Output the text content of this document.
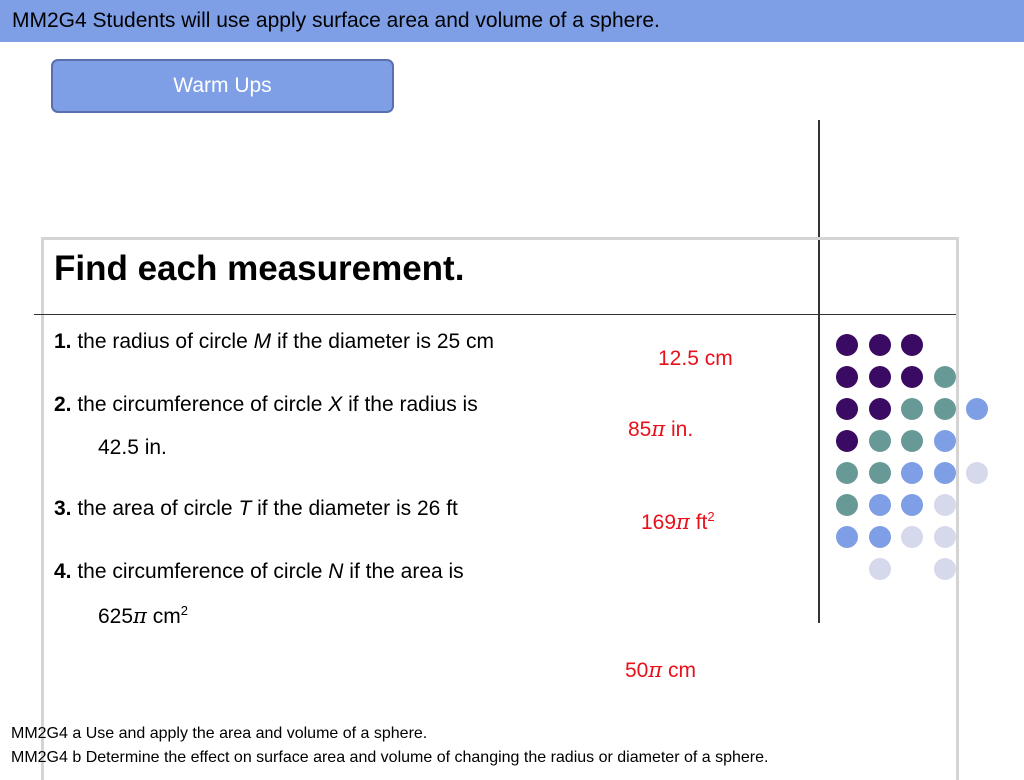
MM2G4 Students will use apply surface area and volume of a sphere.
Warm Ups
Find each measurement.
1. the radius of circle M if the diameter is 25 cm
2. the circumference of circle X if the radius is
42.5 in.
3. the area of circle T if the diameter is 26 ft
4. the circumference of circle N if the area is
625π $cm^2$
12.5 cm
85π in.
169π $ft^2$
50π cm
MM2G4 a Use and apply the area and volume of a sphere.
MM2G4 b Determine the effect on surface area and volume of changing the radius or diameter of a sphere.
